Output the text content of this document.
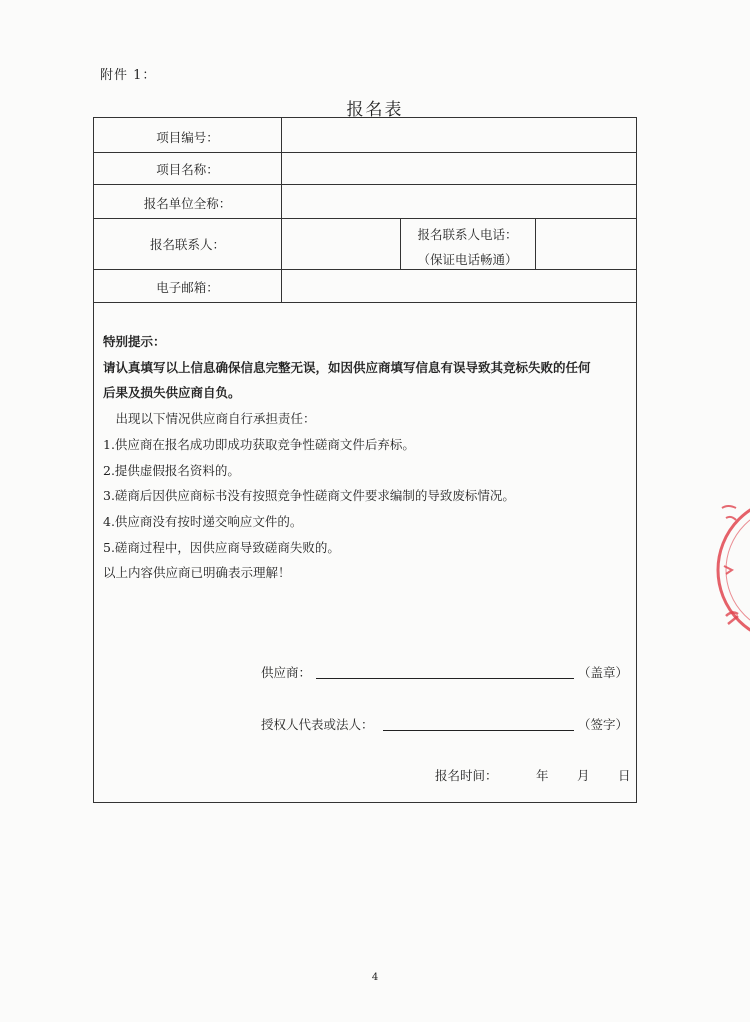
附件 1：
报名表
项目编号：
项目名称：
报名单位全称：
报名联系人：
报名联系人电话：
（保证电话畅通）
电子邮箱：
特别提示：
请认真填写以上信息确保信息完整无误，如因供应商填写信息有误导致其竞标失败的任何
后果及损失供应商自负。
　出现以下情况供应商自行承担责任：
1.供应商在报名成功即成功获取竞争性磋商文件后弃标。
2.提供虚假报名资料的。
3.磋商后因供应商标书没有按照竞争性磋商文件要求编制的导致废标情况。
4.供应商没有按时递交响应文件的。
5.磋商过程中，因供应商导致磋商失败的。
以上内容供应商已明确表示理解！
供应商：	（盖章）
授权人代表或法人：	（签字）
报名时间：	年 月 日
4
